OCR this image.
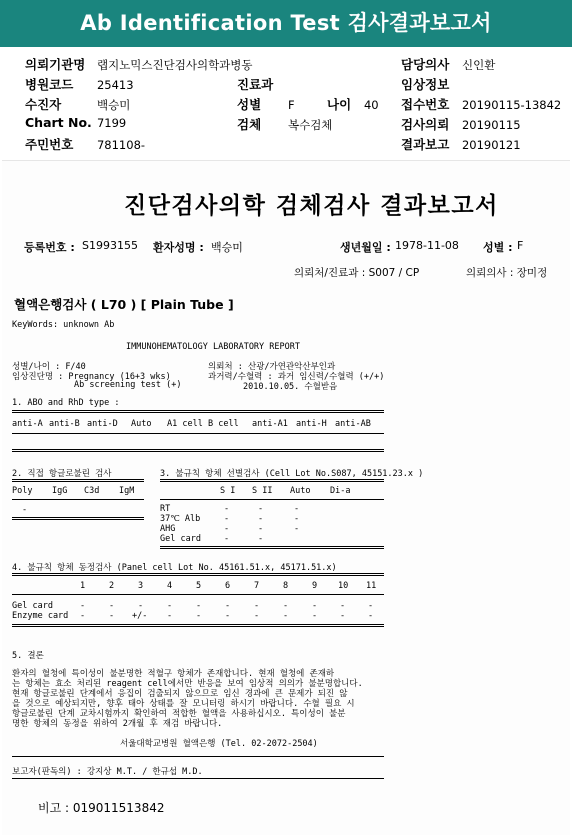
Ab Identification Test 검사결과보고서
의뢰기관명 랩지노믹스진단검사의학과병동	담당의사 신인환
병원코드 25413	진료과	임상정보
수진자	백승미	성별 F	나이 40 접수번호 20190115-13842
Chart No. 7199	검체 복수검체	검사의뢰 20190115
주민번호 781108-	결과보고 20190121
진단검사의학 검체검사 결과보고서
등록번호 : S1993155 환자성명 : 백승미	생년월일 : 1978-11-08 성별 : F
의뢰처/진료과 : S007 / CP	의뢰의사 : 장미정
혈액은행검사 ( L70 ) [ Plain Tube ]
KeyWords: unknown Ab
IMMUNOHEMATOLOGY LABORATORY REPORT
성별/나이 : F/40
임상진단명 : Pregnancy (16+3 wks)
Ab screening test (+)
의뢰처 : 산광/가연관악산부인과
과거력/수혈력 : 과거 임신력/수혈력 (+/+)
2010.10.05. 수혈받음
1. ABO and RhD type :
anti-A anti-B anti-D Auto A1 cell B cell anti-A1 anti-H anti-AB
2. 직접 항글로불린 검사
Poly IgG C3d IgM
-
3. 불규칙 항체 선별검사 (Cell Lot No.S087, 45151.23.x )
S I S II Auto Di-a
RT	-	-	-
37℃ Alb	-	-	-
AHG	-	-	-
Gel card	-	-
4. 불규칙 항체 동정검사 (Panel cell Lot No. 45161.51.x, 45171.51.x)
1	2	3	4	5	6	7	8	9 10 11
Gel card	-	-	-	-	-	-	-	-	-	-	-
Enzyme card -	- +/- -	-	-	-	-	-	-	-
5. 결론
환자의 혈청에 특이성이 불분명한 적혈구 항체가 존재합니다. 현재 혈청에 존재하
는 항체는 효소 처리된 reagent cell에서만 반응을 보여 임상적 의의가 불분명합니다.
현재 항글로불린 단계에서 응집이 검출되지 않으므로 임신 경과에 큰 문제가 되진 않
을 것으로 예상되지만, 향후 태아 상태를 잘 모니터링 하시기 바랍니다. 수혈 필요 시
항글로불린 단계 교차시험까지 확인하여 적합한 혈액을 사용하십시오. 특이성이 불분
명한 항체의 동정을 위하여 2개월 후 재검 바랍니다.
서울대학교병원 혈액은행 (Tel. 02-2072-2504)
보고자(판독의) : 강지상 M.T. / 한규섭 M.D.
비고 : 019011513842
